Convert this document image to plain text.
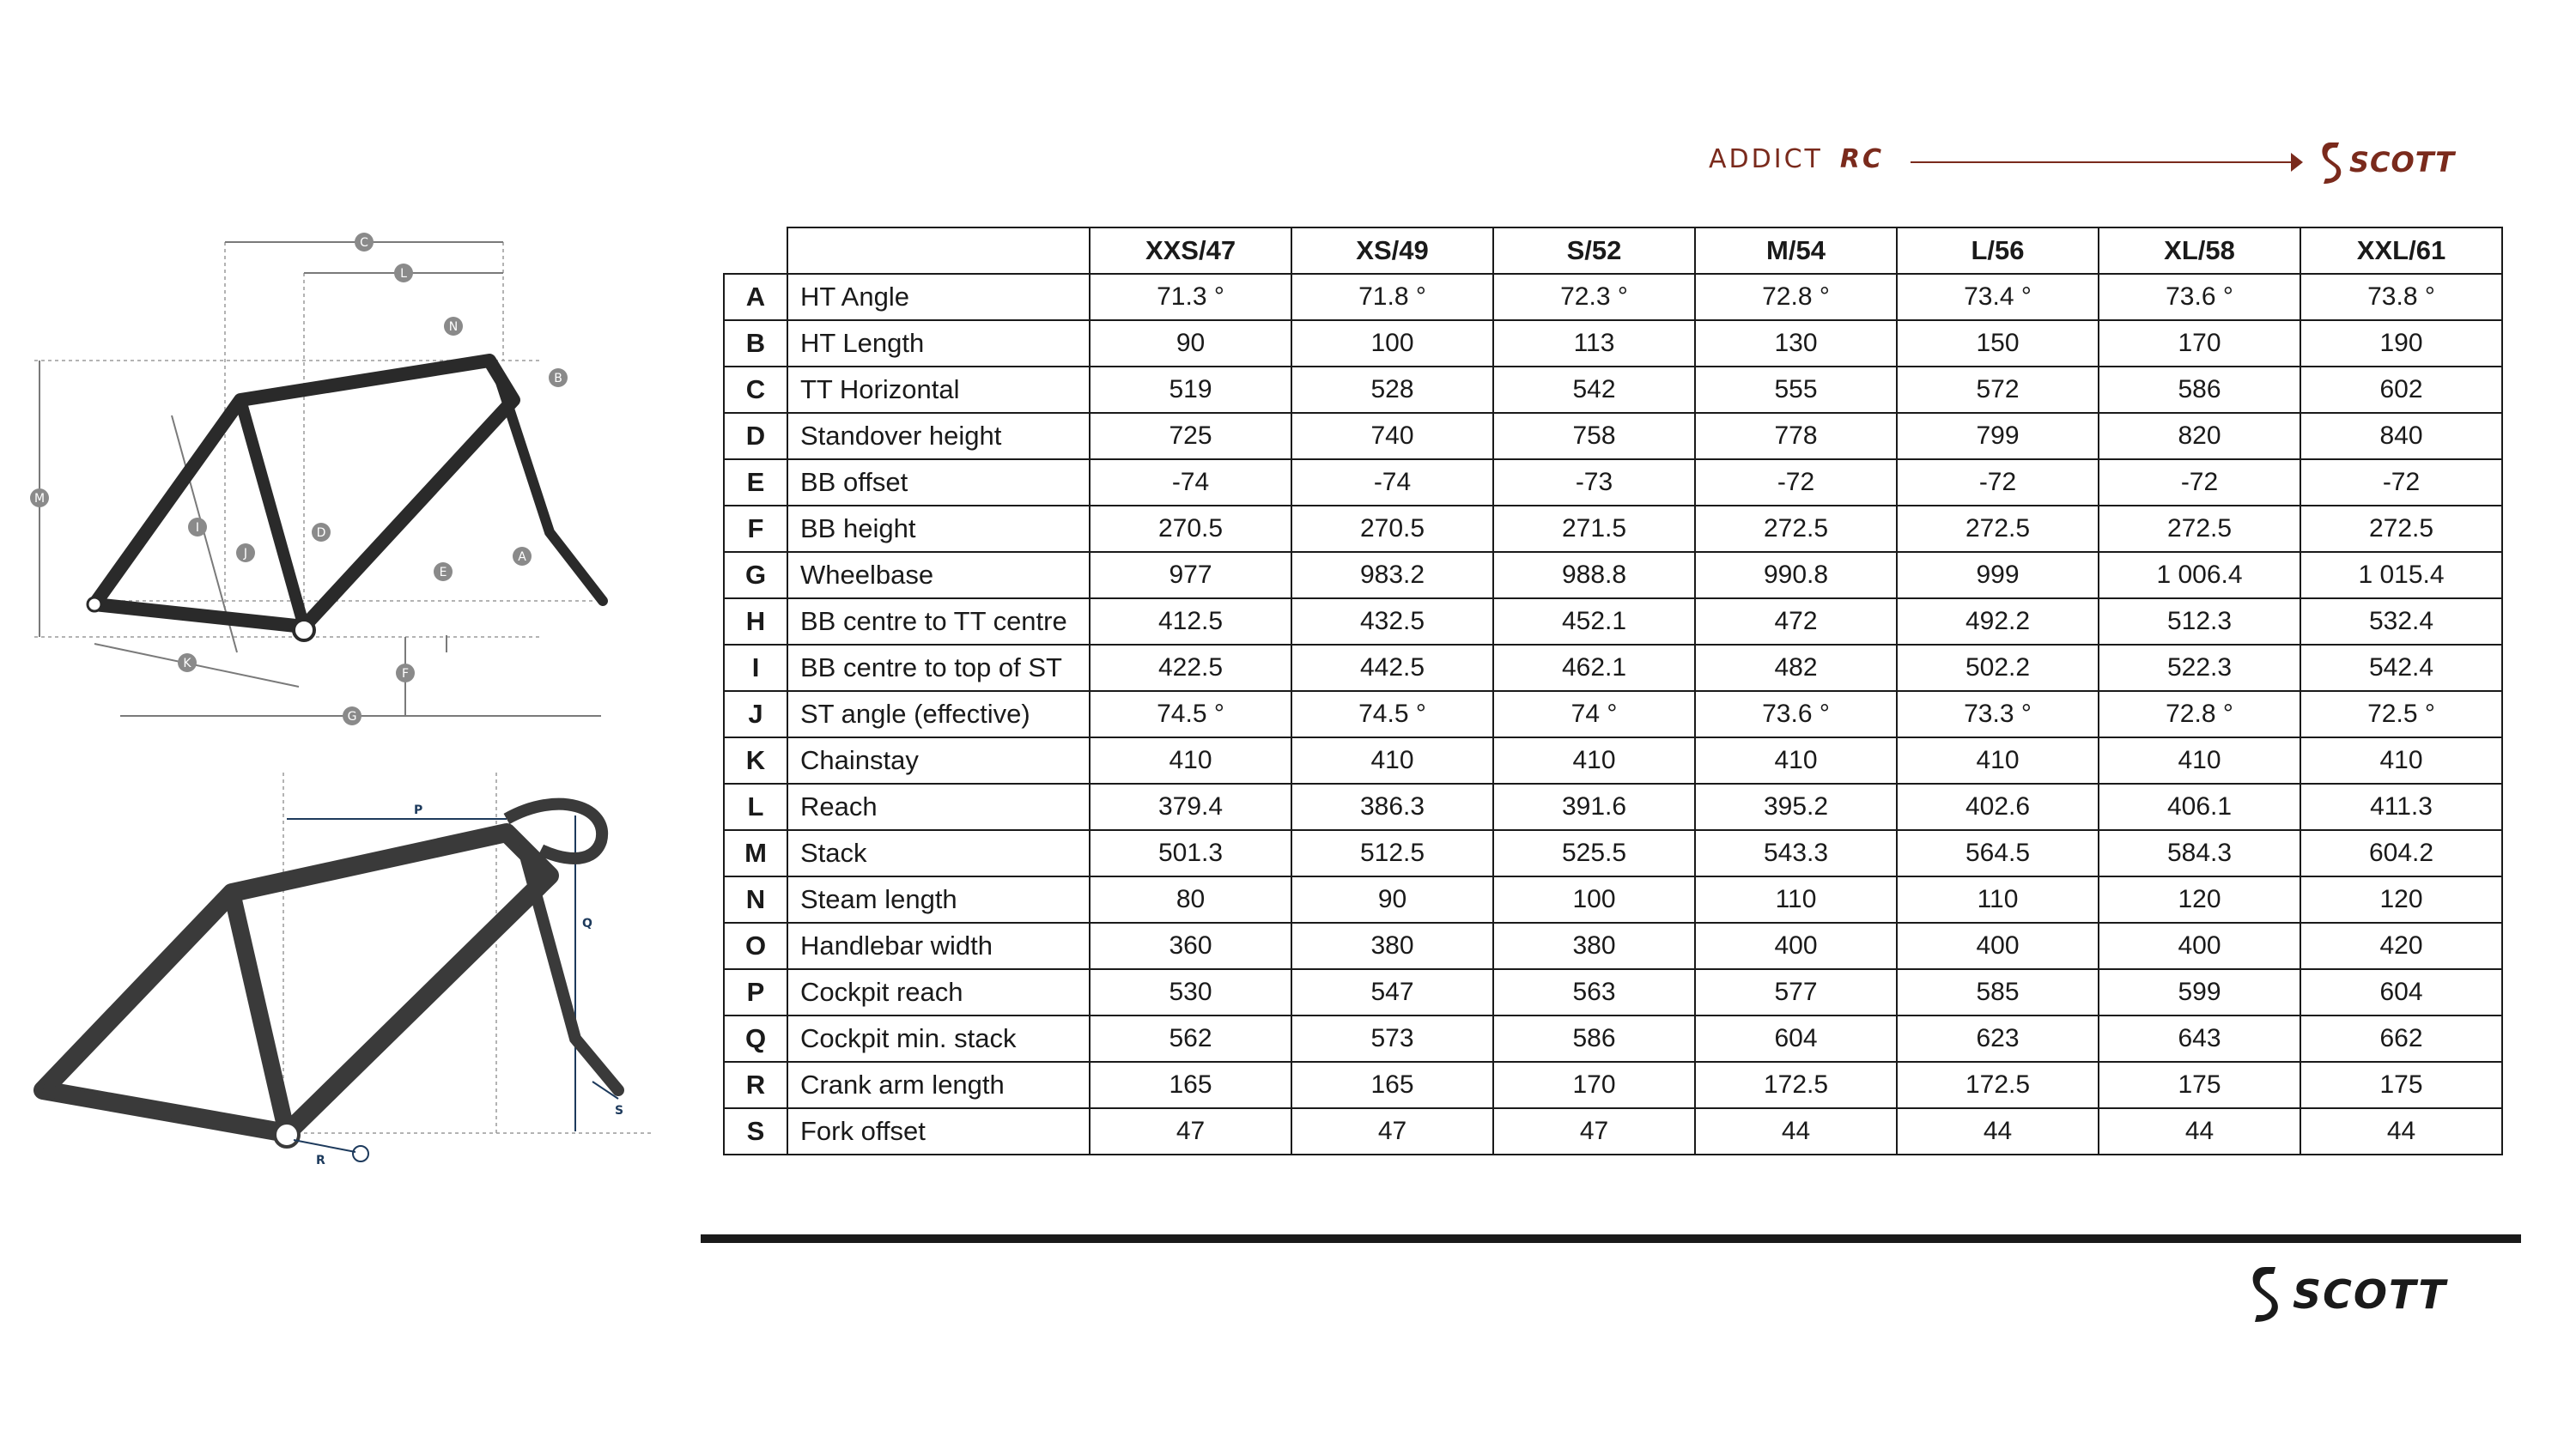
ADDICT RC	SCOTT
C
L
N
B
M
I
J
D
E
A
K
F
G
P
Q
S
R
		XXS/47	XS/49	S/52	M/54	L/56	XL/58	XXL/61
A	HT Angle	71.3 °	71.8 °	72.3 °	72.8 °	73.4 °	73.6 °	73.8 °
B	HT Length	90	100	113	130	150	170	190
C	TT Horizontal	519	528	542	555	572	586	602
D	Standover height	725	740	758	778	799	820	840
E	BB offset	-74	-74	-73	-72	-72	-72	-72
F	BB height	270.5	270.5	271.5	272.5	272.5	272.5	272.5
G	Wheelbase	977	983.2	988.8	990.8	999	1 006.4	1 015.4
H	BB centre to TT centre	412.5	432.5	452.1	472	492.2	512.3	532.4
I	BB centre to top of ST	422.5	442.5	462.1	482	502.2	522.3	542.4
J	ST angle (effective)	74.5 °	74.5 °	74 °	73.6 °	73.3 °	72.8 °	72.5 °
K	Chainstay	410	410	410	410	410	410	410
L	Reach	379.4	386.3	391.6	395.2	402.6	406.1	411.3
M	Stack	501.3	512.5	525.5	543.3	564.5	584.3	604.2
N	Steam length	80	90	100	110	110	120	120
O	Handlebar width	360	380	380	400	400	400	420
P	Cockpit reach	530	547	563	577	585	599	604
Q	Cockpit min. stack	562	573	586	604	623	643	662
R	Crank arm length	165	165	170	172.5	172.5	175	175
S	Fork offset	47	47	47	44	44	44	44
SCOTT
